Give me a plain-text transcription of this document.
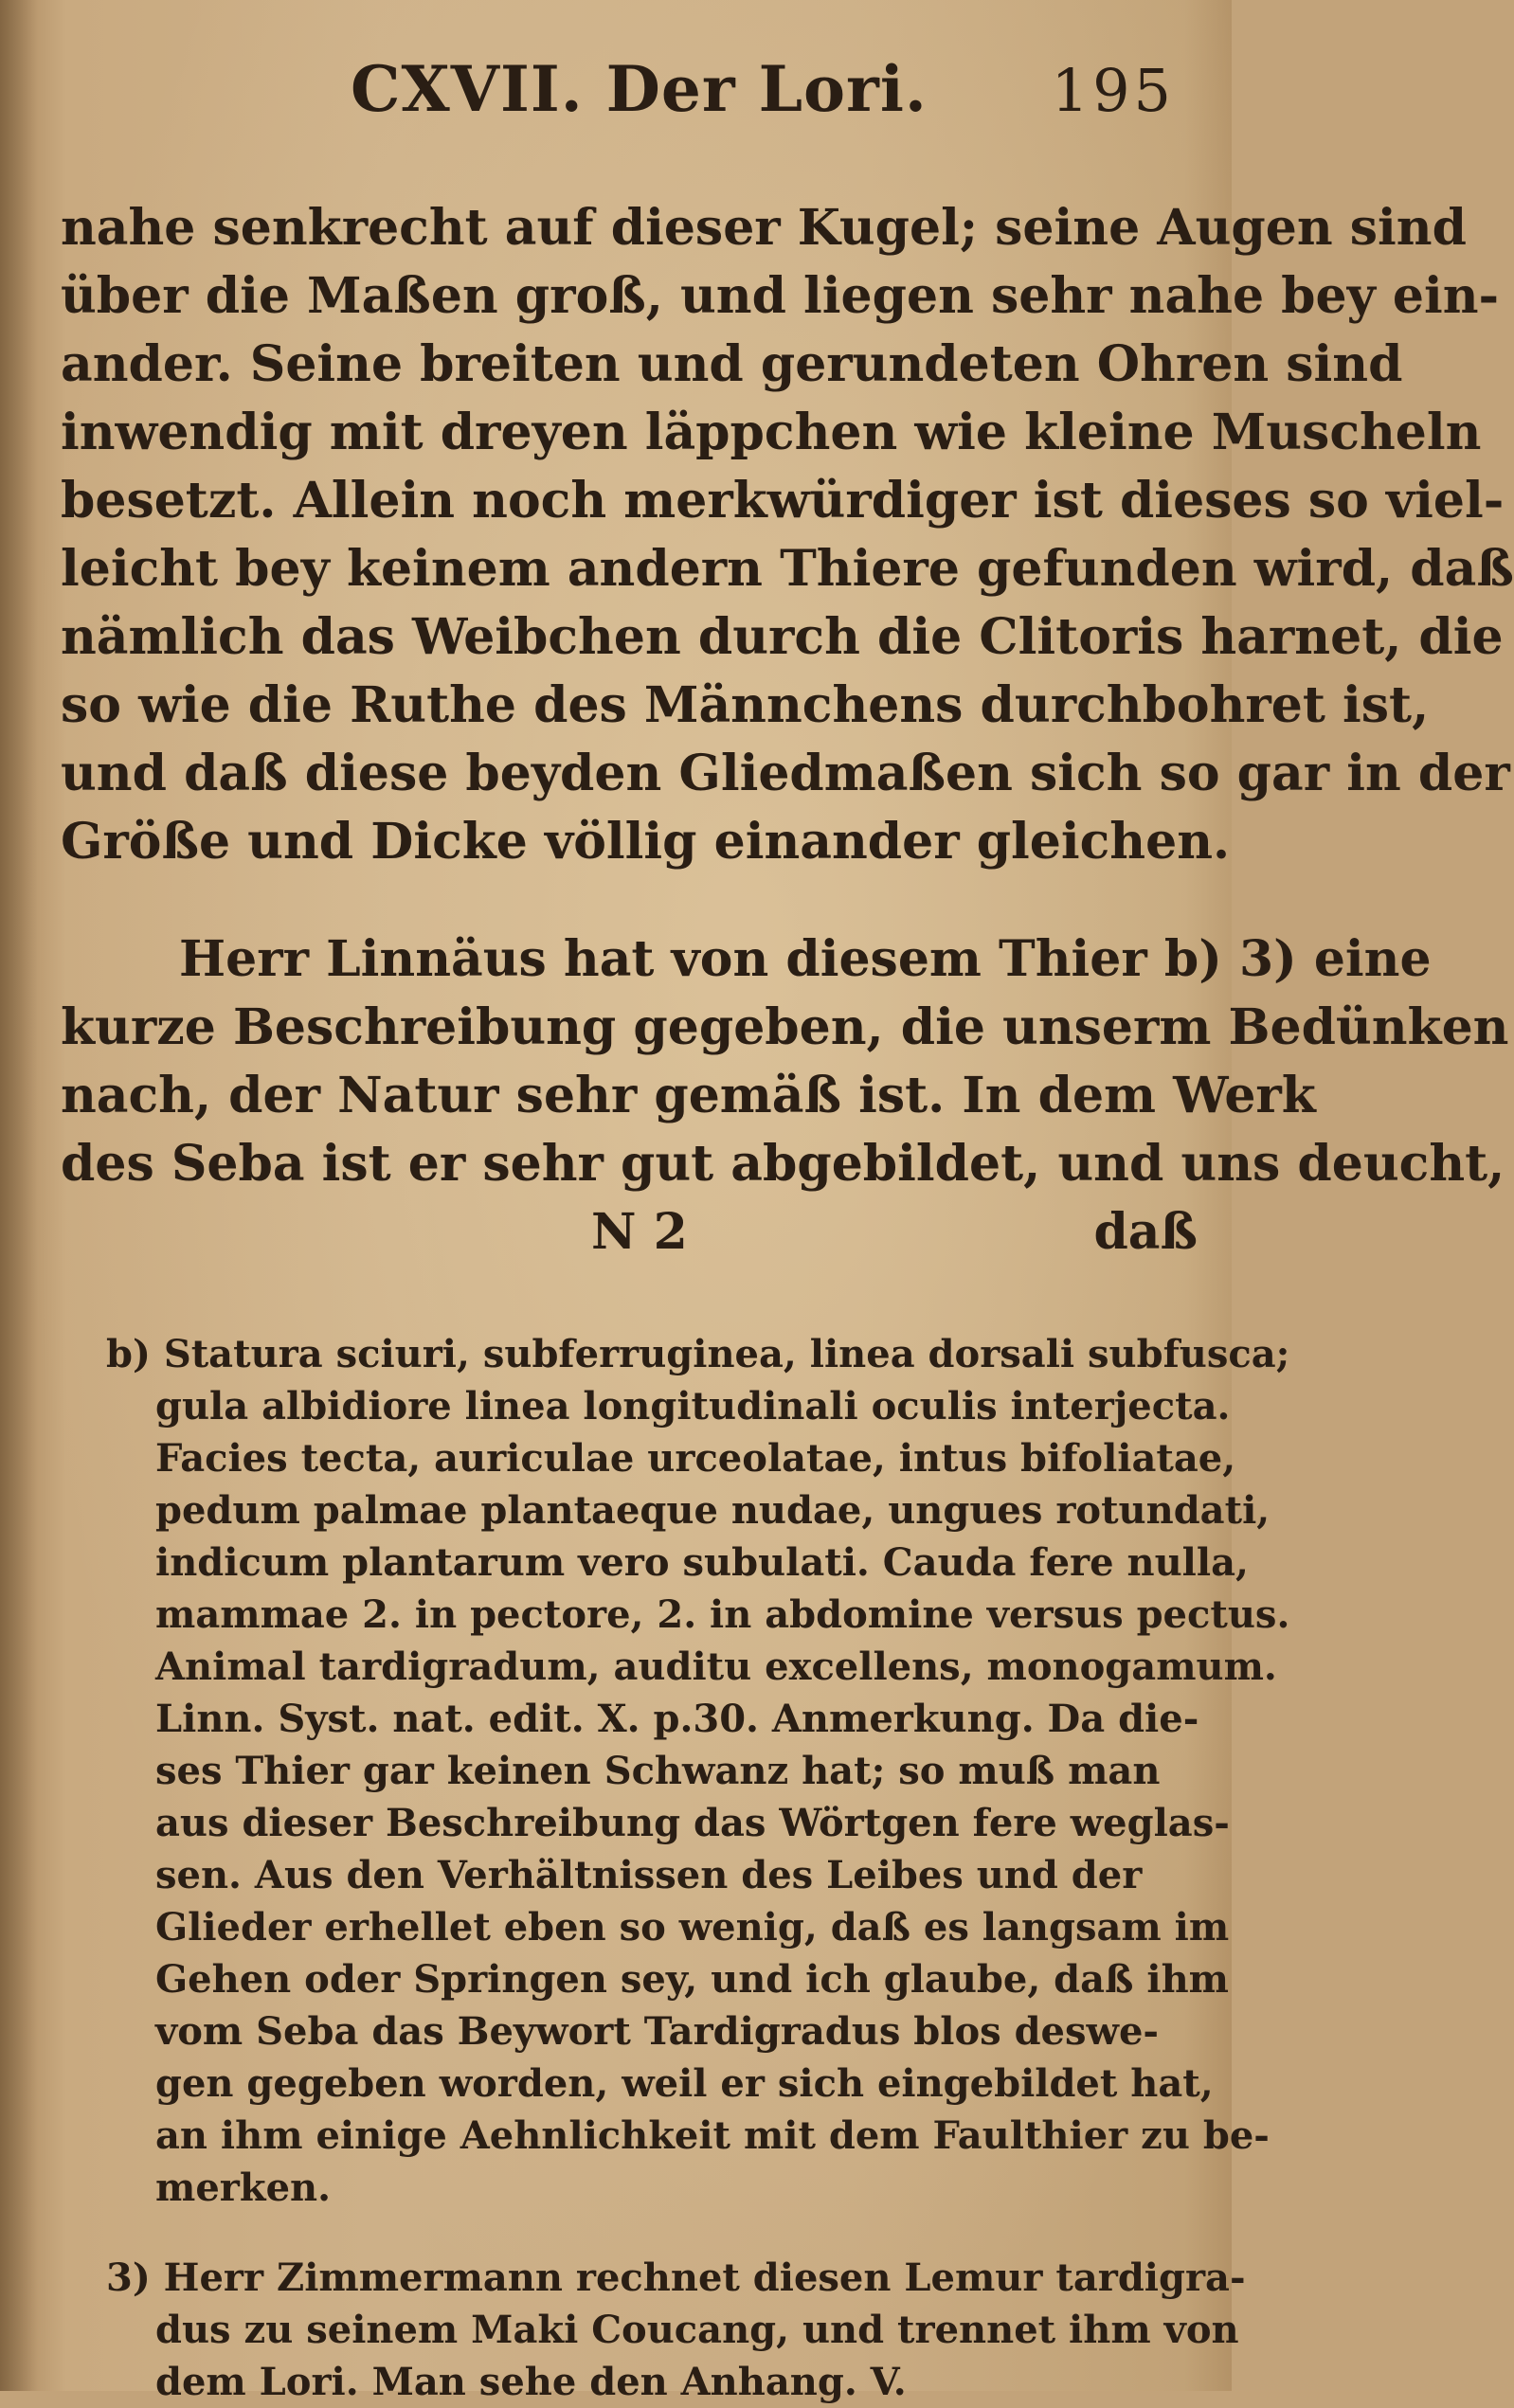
CXVII. Der Lori. 195
nahe senkrecht auf dieser Kugel; seine Augen sind
über die Maßen groß, und liegen sehr nahe bey ein-
ander. Seine breiten und gerundeten Ohren sind
inwendig mit dreyen läppchen wie kleine Muscheln
besetzt. Allein noch merkwürdiger ist dieses so viel-
leicht bey keinem andern Thiere gefunden wird, daß
nämlich das Weibchen durch die Clitoris harnet, die
so wie die Ruthe des Männchens durchbohret ist,
und daß diese beyden Gliedmaßen sich so gar in der
Größe und Dicke völlig einander gleichen.
Herr Linnäus hat von diesem Thier b) 3) eine
kurze Beschreibung gegeben, die unserm Bedünken
nach, der Natur sehr gemäß ist. In dem Werk
des Seba ist er sehr gut abgebildet, und uns deucht,
N 2	daß
b) Statura sciuri, subferruginea, linea dorsali subfusca;
gula albidiore linea longitudinali oculis interjecta.
Facies tecta, auriculae urceolatae, intus bifoliatae,
pedum palmae plantaeque nudae, ungues rotundati,
indicum plantarum vero subulati. Cauda fere nulla,
mammae 2. in pectore, 2. in abdomine versus pectus.
Animal tardigradum, auditu excellens, monogamum.
Linn. Syst. nat. edit. X. p.30. Anmerkung. Da die-
ses Thier gar keinen Schwanz hat; so muß man
aus dieser Beschreibung das Wörtgen fere weglas-
sen. Aus den Verhältnissen des Leibes und der
Glieder erhellet eben so wenig, daß es langsam im
Gehen oder Springen sey, und ich glaube, daß ihm
vom Seba das Beywort Tardigradus blos deswe-
gen gegeben worden, weil er sich eingebildet hat,
an ihm einige Aehnlichkeit mit dem Faulthier zu be-
merken.
3) Herr Zimmermann rechnet diesen Lemur tardigra-
dus zu seinem Maki Coucang, und trennet ihm von
dem Lori. Man sehe den Anhang. V.
